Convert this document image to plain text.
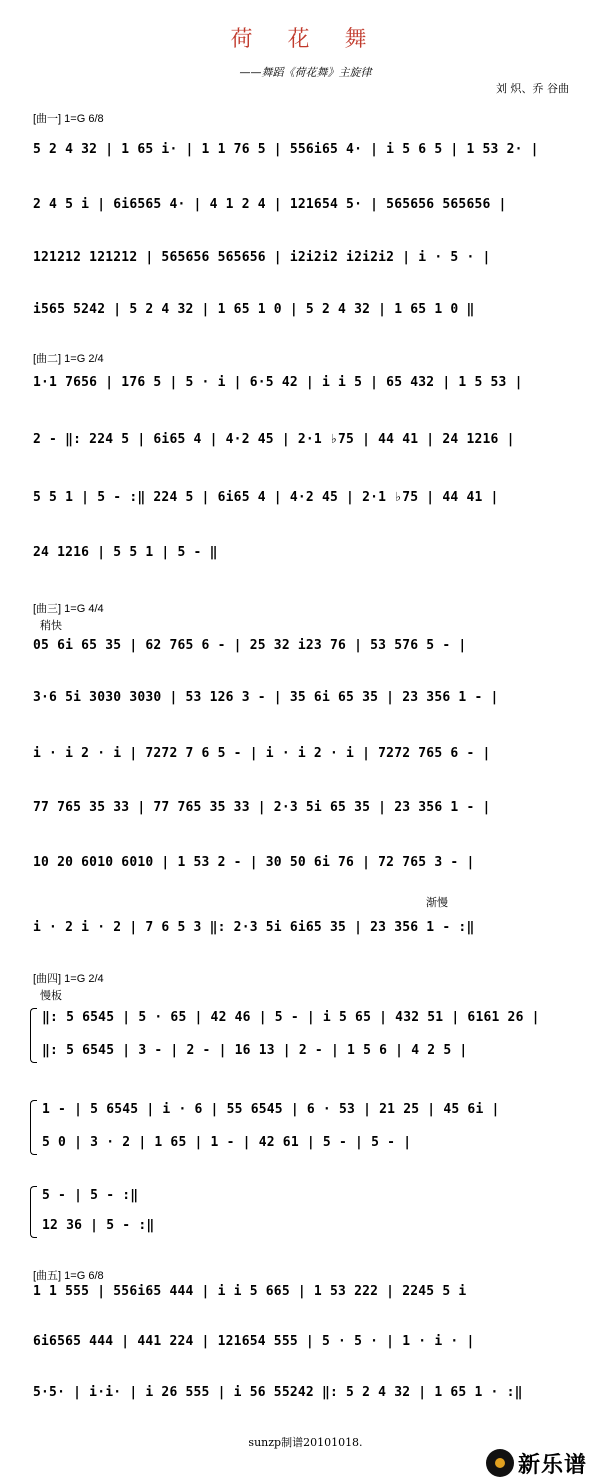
荷 花 舞
——舞蹈《荷花舞》主旋律
刘 炽、乔 谷曲
[曲一] 1=G 6/8
5 2 4 32 | 1 65 i· | 1 1 76 5 | 556i65 4· | i 5 6 5 | 1 53 2· |
2 4 5 i | 6i6565 4· | 4 1 2 4 | 121654 5· | 565656 565656 |
121212 121212 | 565656 565656 | i2i2i2 i2i2i2 | i · 5 · |
i565 5242 | 5 2 4 32 | 1 65 1 0 | 5 2 4 32 | 1 65 1 0 ‖
[曲二] 1=G 2/4
1·1 7656 | 176 5 | 5 · i | 6·5 42 | i i 5 | 65 432 | 1 5 53 |
2 - ‖: 224 5 | 6i65 4 | 4·2 45 | 2·1 ♭75 | 44 41 | 24 1216 |
5 5 1 | 5 - :‖ 224 5 | 6i65 4 | 4·2 45 | 2·1 ♭75 | 44 41 |
24 1216 | 5 5 1 | 5 - ‖
[曲三] 1=G 4/4
稍快
渐慢
05 6i 65 35 | 62 765 6 - | 25 32 i23 76 | 53 576 5 - |
3·6 5i 3030 3030 | 53 126 3 - | 35 6i 65 35 | 23 356 1 - |
i · i 2 · i | 7272 7 6 5 - | i · i 2 · i | 7272 765 6 - |
77 765 35 33 | 77 765 35 33 | 2·3 5i 65 35 | 23 356 1 - |
10 20 6010 6010 | 1 53 2 - | 30 50 6i 76 | 72 765 3 - |
i · 2 i · 2 | 7 6 5 3 ‖: 2·3 5i 6i65 35 | 23 356 1 - :‖
[曲四] 1=G 2/4
慢板
‖: 5 6545 | 5 · 65 | 42 46 | 5 - | i 5 65 | 432 51 | 6161 26 |
‖: 5 6545 | 3 - | 2 - | 16 13 | 2 - | 1 5 6 | 4 2 5 |
1 - | 5 6545 | i · 6 | 55 6545 | 6 · 53 | 21 25 | 45 6i |
5 0 | 3 · 2 | 1 65 | 1 - | 42 61 | 5 - | 5 - |
5 - | 5 - :‖
12 36 | 5 - :‖
[曲五] 1=G 6/8
1 1 555 | 556i65 444 | i i 5 665 | 1 53 222 | 2245 5 i
6i6565 444 | 441 224 | 121654 555 | 5 · 5 · | 1 · i · |
5·5· | i·i· | i 26 555 | i 56 55242 ‖: 5 2 4 32 | 1 65 1 · :‖
sunzp制谱20101018.
新乐谱
